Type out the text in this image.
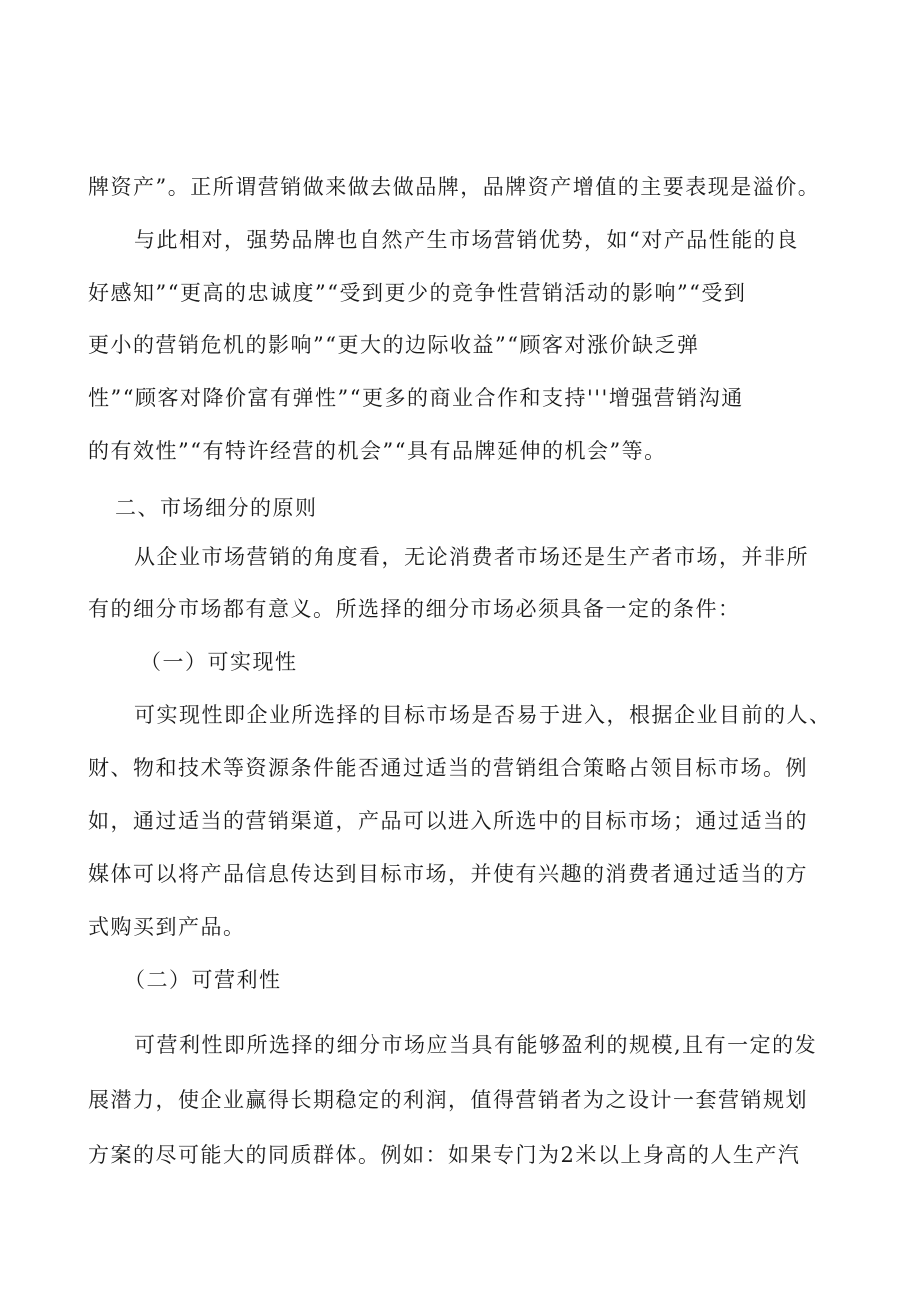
牌资产”。正所谓营销做来做去做品牌，品牌资产增值的主要表现是溢价。
与此相对，强势品牌也自然产生市场营销优势，如“对产品性能的良
好感知”“更高的忠诚度”“受到更少的竞争性营销活动的影响”“受到
更小的营销危机的影响”“更大的边际收益”“顾客对涨价缺乏弹
性”“顾客对降价富有弹性”“更多的商业合作和支持'''增强营销沟通
的有效性”“有特许经营的机会”“具有品牌延伸的机会”等。
二、市场细分的原则
从企业市场营销的角度看，无论消费者市场还是生产者市场，并非所
有的细分市场都有意义。所选择的细分市场必须具备一定的条件：
（一）可实现性
可实现性即企业所选择的目标市场是否易于进入，根据企业目前的人、
财、物和技术等资源条件能否通过适当的营销组合策略占领目标市场。例
如，通过适当的营销渠道，产品可以进入所选中的目标市场；通过适当的
媒体可以将产品信息传达到目标市场，并使有兴趣的消费者通过适当的方
式购买到产品。
（二）可营利性
可营利性即所选择的细分市场应当具有能够盈利的规模,且有一定的发
展潜力，使企业赢得长期稳定的利润，值得营销者为之设计一套营销规划
方案的尽可能大的同质群体。例如：如果专门为2米以上身高的人生产汽
